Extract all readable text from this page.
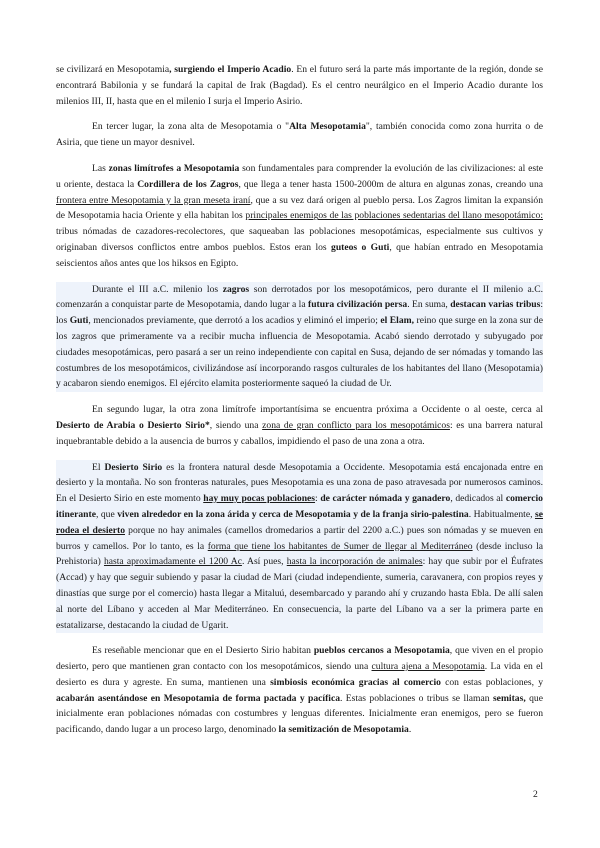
se civilizará en Mesopotamia, surgiendo el Imperio Acadio. En el futuro será la parte más importante de la región, donde se encontrará Babilonia y se fundará la capital de Irak (Bagdad). Es el centro neurálgico en el Imperio Acadio durante los milenios III, II, hasta que en el milenio I surja el Imperio Asirio.

En tercer lugar, la zona alta de Mesopotamia o "Alta Mesopotamia", también conocida como zona hurrita o de Asiria, que tiene un mayor desnivel.

Las zonas limítrofes a Mesopotamia son fundamentales para comprender la evolución de las civilizaciones: al este u oriente, destaca la Cordillera de los Zagros, que llega a tener hasta 1500-2000m de altura en algunas zonas, creando una frontera entre Mesopotamia y la gran meseta iraní, que a su vez dará origen al pueblo persa. Los Zagros limitan la expansión de Mesopotamia hacia Oriente y ella habitan los principales enemigos de las poblaciones sedentarias del llano mesopotámico: tribus nómadas de cazadores-recolectores, que saqueaban las poblaciones mesopotámicas, especialmente sus cultivos y originaban diversos conflictos entre ambos pueblos. Estos eran los guteos o Guti, que habían entrado en Mesopotamia seiscientos años antes que los hiksos en Egipto.

Durante el III a.C. milenio los zagros son derrotados por los mesopotámicos, pero durante el II milenio a.C. comenzarán a conquistar parte de Mesopotamia, dando lugar a la futura civilización persa. En suma, destacan varias tribus: los Guti, mencionados previamente, que derrotó a los acadios y eliminó el imperio; el Elam, reino que surge en la zona sur de los zagros que primeramente va a recibir mucha influencia de Mesopotamia. Acabó siendo derrotado y subyugado por ciudades mesopotámicas, pero pasará a ser un reino independiente con capital en Susa, dejando de ser nómadas y tomando las costumbres de los mesopotámicos, civilizándose así incorporando rasgos culturales de los habitantes del llano (Mesopotamia) y acabaron siendo enemigos. El ejército elamita posteriormente saqueó la ciudad de Ur.

En segundo lugar, la otra zona limítrofe importantísima se encuentra próxima a Occidente o al oeste, cerca al Desierto de Arabia o Desierto Sirio*, siendo una zona de gran conflicto para los mesopotámicos: es una barrera natural inquebrantable debido a la ausencia de burros y caballos, impidiendo el paso de una zona a otra.

El Desierto Sirio es la frontera natural desde Mesopotamia a Occidente. Mesopotamia está encajonada entre en desierto y la montaña. No son fronteras naturales, pues Mesopotamia es una zona de paso atravesada por numerosos caminos. En el Desierto Sirio en este momento hay muy pocas poblaciones: de carácter nómada y ganadero, dedicados al comercio itinerante, que viven alrededor en la zona árida y cerca de Mesopotamia y de la franja sirio-palestina. Habitualmente, se rodea el desierto porque no hay animales (camellos dromedarios a partir del 2200 a.C.) pues son nómadas y se mueven en burros y camellos. Por lo tanto, es la forma que tiene los habitantes de Sumer de llegar al Mediterráneo (desde incluso la Prehistoria) hasta aproximadamente el 1200 Ac. Así pues, hasta la incorporación de animales: hay que subir por el Éufrates (Accad) y hay que seguir subiendo y pasar la ciudad de Mari (ciudad independiente, sumeria, caravanera, con propios reyes y dinastías que surge por el comercio) hasta llegar a Mitaluú, desembarcado y parando ahí y cruzando hasta Ebla. De allí salen al norte del Líbano y acceden al Mar Mediterráneo. En consecuencia, la parte del Líbano va a ser la primera parte en estatalizarse, destacando la ciudad de Ugarit.

Es reseñable mencionar que en el Desierto Sirio habitan pueblos cercanos a Mesopotamia, que viven en el propio desierto, pero que mantienen gran contacto con los mesopotámicos, siendo una cultura ajena a Mesopotamia. La vida en el desierto es dura y agreste. En suma, mantienen una simbiosis económica gracias al comercio con estas poblaciones, y acabarán asentándose en Mesopotamia de forma pactada y pacífica. Estas poblaciones o tribus se llaman semitas, que inicialmente eran poblaciones nómadas con costumbres y lenguas diferentes. Inicialmente eran enemigos, pero se fueron pacificando, dando lugar a un proceso largo, denominado la semitización de Mesopotamia.

2
